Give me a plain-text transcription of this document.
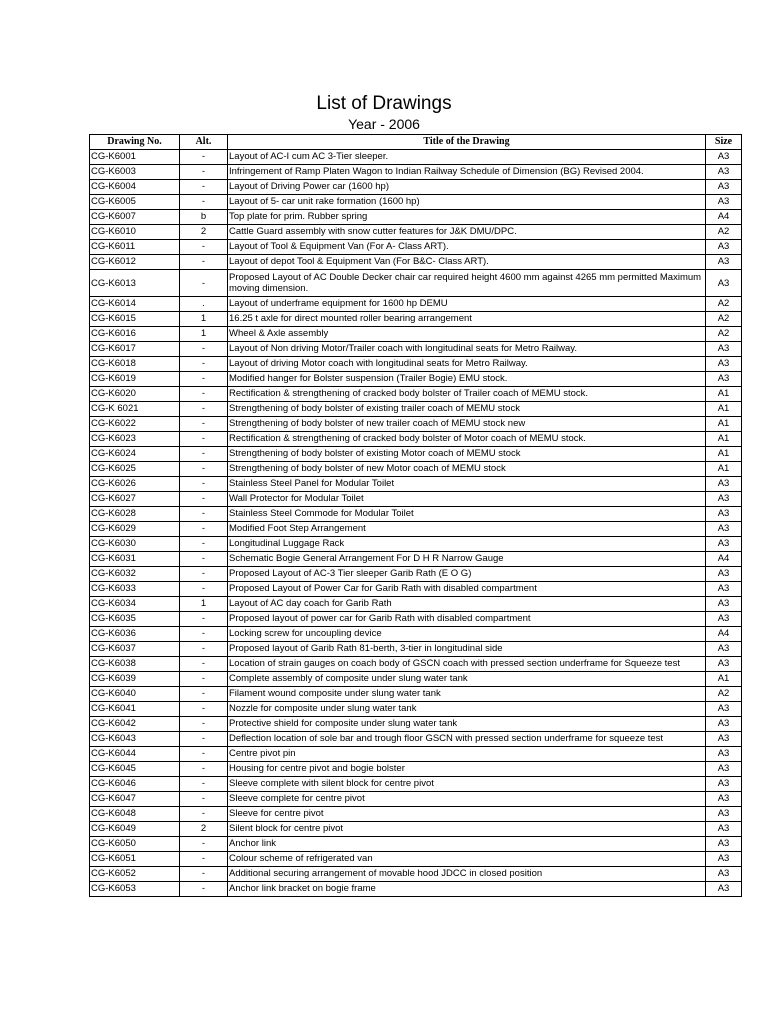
List of Drawings
Year - 2006
Drawing No.	Alt.	Title of the Drawing	Size
CG-K6001	-	Layout of AC-I cum AC 3-Tier sleeper.	A3
CG-K6003	-	Infringement of Ramp Platen Wagon to Indian Railway Schedule of Dimension (BG) Revised 2004.	A3
CG-K6004	-	Layout of Driving Power car (1600 hp)	A3
CG-K6005	-	Layout of 5- car unit rake formation (1600 hp)	A3
CG-K6007	b	Top plate for prim. Rubber spring	A4
CG-K6010	2	Cattle Guard assembly with snow cutter features for J&K DMU/DPC.	A2
CG-K6011	-	Layout of Tool & Equipment Van (For A- Class ART).	A3
CG-K6012	-	Layout of depot Tool & Equipment Van (For B&C- Class ART).	A3
CG-K6013	-	Proposed Layout of AC Double Decker chair car required height 4600 mm against 4265 mm permitted Maximum moving dimension.	A3
CG-K6014	.	Layout of underframe equipment for 1600 hp DEMU	A2
CG-K6015	1	16.25 t axle for direct mounted roller bearing arrangement	A2
CG-K6016	1	Wheel & Axle assembly	A2
CG-K6017	-	Layout of Non driving Motor/Trailer coach with longitudinal seats for Metro Railway.	A3
CG-K6018	-	Layout of driving Motor coach with longitudinal seats for Metro Railway.	A3
CG-K6019	-	Modified hanger for Bolster suspension (Trailer Bogie) EMU stock.	A3
CG-K6020	-	Rectification & strengthening of cracked body bolster of Trailer coach of MEMU stock.	A1
CG-K 6021	-	Strengthening of body bolster of existing trailer coach of MEMU stock	A1
CG-K6022	-	Strengthening of body bolster of new trailer coach of MEMU stock new	A1
CG-K6023	-	Rectification & strengthening of cracked body bolster of Motor coach of MEMU stock.	A1
CG-K6024	-	Strengthening of body bolster of existing Motor coach of MEMU stock	A1
CG-K6025	-	Strengthening of body bolster of new Motor coach of MEMU stock	A1
CG-K6026	-	Stainless Steel Panel for Modular Toilet	A3
CG-K6027	-	Wall Protector for Modular Toilet	A3
CG-K6028	-	Stainless Steel Commode for Modular Toilet	A3
CG-K6029	-	Modified Foot Step Arrangement	A3
CG-K6030	-	Longitudinal Luggage Rack	A3
CG-K6031	-	Schematic Bogie General Arrangement For D H R Narrow Gauge	A4
CG-K6032	-	Proposed Layout of AC-3 Tier sleeper Garib Rath (E O G)	A3
CG-K6033	-	Proposed Layout of Power Car for Garib Rath with disabled compartment	A3
CG-K6034	1	Layout of AC day coach for Garib Rath	A3
CG-K6035	-	Proposed layout of power car for Garib Rath with disabled compartment	A3
CG-K6036	-	Locking screw for uncoupling device	A4
CG-K6037	-	Proposed layout of Garib Rath 81-berth, 3-tier in longitudinal side	A3
CG-K6038	-	Location of strain gauges on coach body of GSCN coach with pressed section underframe for Squeeze test	A3
CG-K6039	-	Complete assembly of composite under slung water tank	A1
CG-K6040	-	Filament wound composite under slung water tank	A2
CG-K6041	-	Nozzle for composite under slung water tank	A3
CG-K6042	-	Protective shield for composite under slung water tank	A3
CG-K6043	-	Deflection location of sole bar and trough floor GSCN with pressed section underframe for squeeze test	A3
CG-K6044	-	Centre pivot pin	A3
CG-K6045	-	Housing for centre pivot and bogie bolster	A3
CG-K6046	-	Sleeve complete with silent block for centre pivot	A3
CG-K6047	-	Sleeve complete for centre pivot	A3
CG-K6048	-	Sleeve for centre pivot	A3
CG-K6049	2	Silent block for centre pivot	A3
CG-K6050	-	Anchor link	A3
CG-K6051	-	Colour scheme of refrigerated van	A3
CG-K6052	-	Additional securing arrangement of movable hood JDCC in closed position	A3
CG-K6053	-	Anchor link bracket on bogie frame	A3
